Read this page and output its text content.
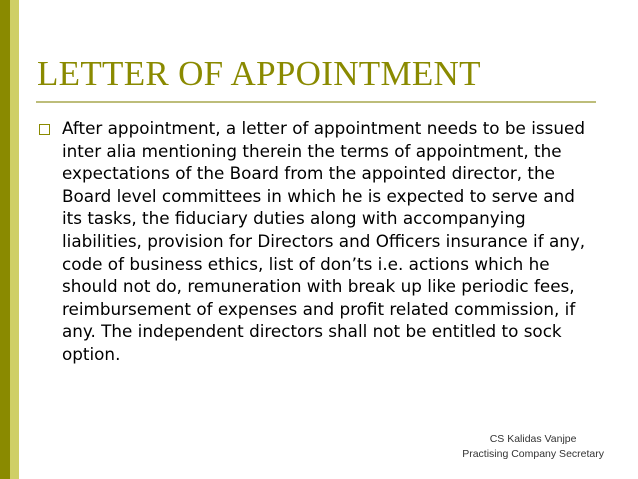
LETTER OF APPOINTMENT

After appointment, a letter of appointment needs to be issued inter alia mentioning therein the terms of appointment, the expectations of the Board from the appointed director, the Board level committees in which he is expected to serve and its tasks, the fiduciary duties along with accompanying liabilities, provision for Directors and Officers insurance if any, code of business ethics, list of don’ts i.e. actions which he should not do, remuneration with break up like periodic fees, reimbursement of expenses and profit related commission, if any. The independent directors shall not be entitled to sock option.

CS Kalidas Vanjpe
Practising Company Secretary
